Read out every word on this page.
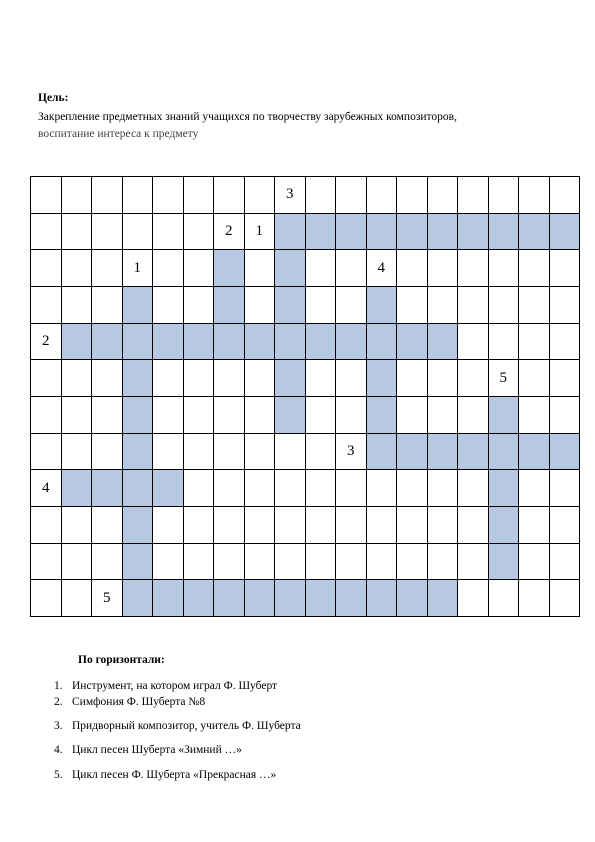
Цель:
Закрепление предметных знаний учащихся по творчеству зарубежных композиторов,
воспитание интереса к предмету
3
2 1
1	4
2
5
3
4
5
По горизонтали:
1. Инструмент, на котором играл Ф. Шуберт
2. Симфония Ф. Шуберта №8
3. Придворный композитор, учитель Ф. Шуберта
4. Цикл песен Шуберта «Зимний …»
5. Цикл песен Ф. Шуберта «Прекрасная …»
